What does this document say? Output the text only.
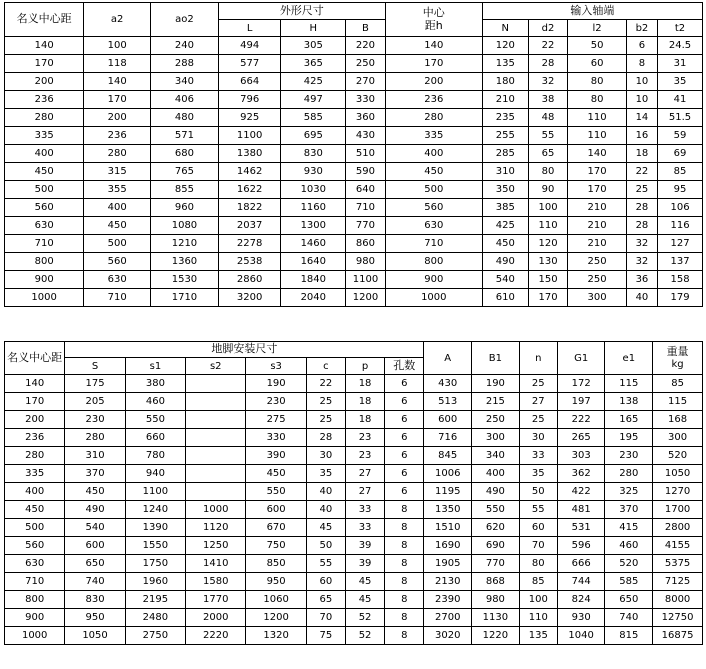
名义中心距	a2	ao2	外形尺寸			中心距h	输入轴端				
			L	H	B		N	d2	l2	b2	t2
140	100	240	494	305	220	140	120	22	50	6	24.5
170	118	288	577	365	250	170	135	28	60	8	31
200	140	340	664	425	270	200	180	32	80	10	35
236	170	406	796	497	330	236	210	38	80	10	41
280	200	480	925	585	360	280	235	48	110	14	51.5
335	236	571	1100	695	430	335	255	55	110	16	59
400	280	680	1380	830	510	400	285	65	140	18	69
450	315	765	1462	930	590	450	310	80	170	22	85
500	355	855	1622	1030	640	500	350	90	170	25	95
560	400	960	1822	1160	710	560	385	100	210	28	106
630	450	1080	2037	1300	770	630	425	110	210	28	116
710	500	1210	2278	1460	860	710	450	120	210	32	127
800	560	1360	2538	1640	980	800	490	130	250	32	137
900	630	1530	2860	1840	1100	900	540	150	250	36	158
1000	710	1710	3200	2040	1200	1000	610	170	300	40	179
名义中心距	地脚安装尺寸							A	B1	n	G1	e1	重量
kg

	S	s1	s2	s3	c	p	孔数						
140	175	380		190	22	18	6	430	190	25	172	115	85
170	205	460		230	25	18	6	513	215	27	197	138	115
200	230	550		275	25	18	6	600	250	25	222	165	168
236	280	660		330	28	23	6	716	300	30	265	195	300
280	310	780		390	30	23	6	845	340	33	303	230	520
335	370	940		450	35	27	6	1006	400	35	362	280	1050
400	450	1100		550	40	27	6	1195	490	50	422	325	1270
450	490	1240	1000	600	40	33	8	1350	550	55	481	370	1700
500	540	1390	1120	670	45	33	8	1510	620	60	531	415	2800
560	600	1550	1250	750	50	39	8	1690	690	70	596	460	4155
630	650	1750	1410	850	55	39	8	1905	770	80	666	520	5375
710	740	1960	1580	950	60	45	8	2130	868	85	744	585	7125
800	830	2195	1770	1060	65	45	8	2390	980	100	824	650	8000
900	950	2480	2000	1200	70	52	8	2700	1130	110	930	740	12750
1000	1050	2750	2220	1320	75	52	8	3020	1220	135	1040	815	16875
